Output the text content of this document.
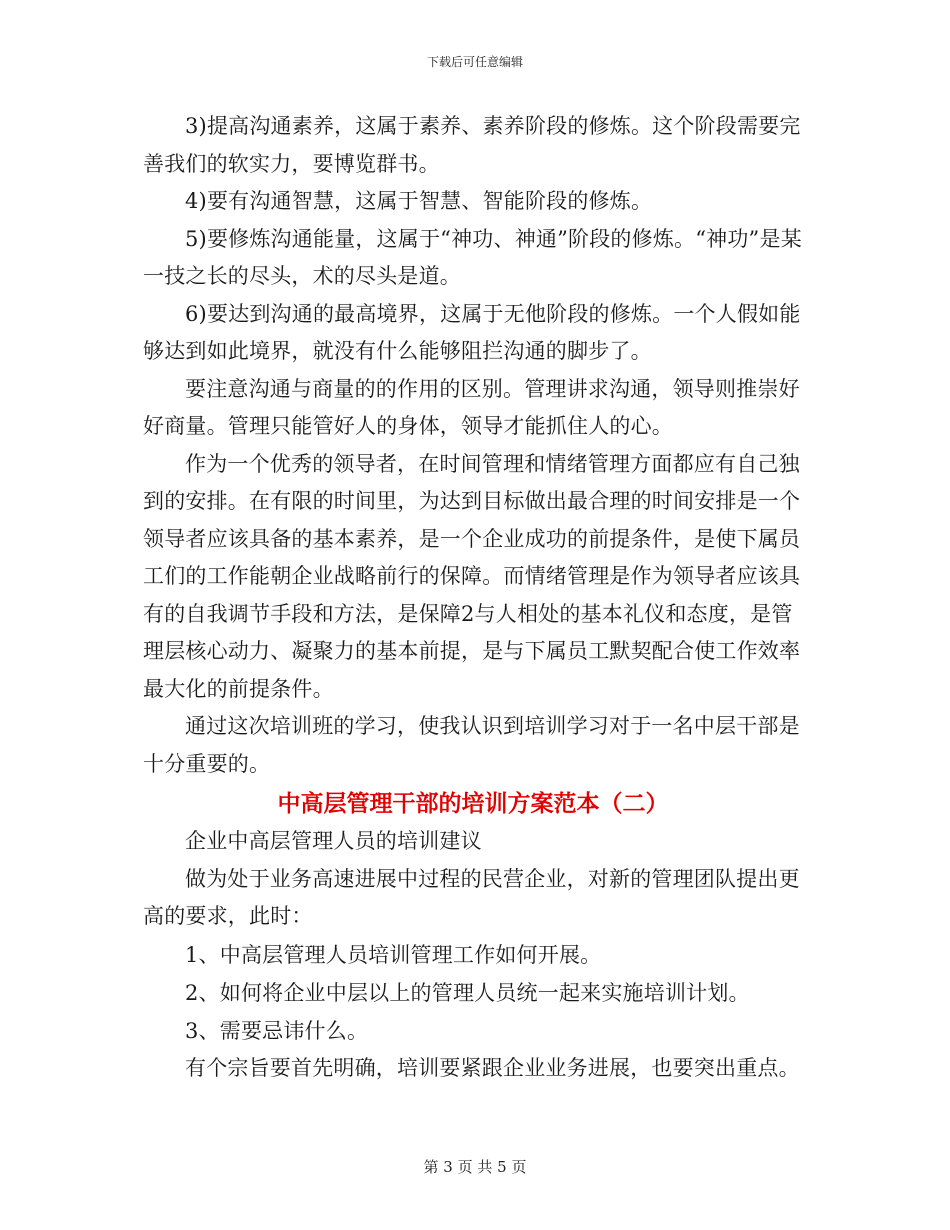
下载后可任意编辑

3)提高沟通素养，这属于素养、素养阶段的修炼。这个阶段需要完善我们的软实力，要博览群书。

4)要有沟通智慧，这属于智慧、智能阶段的修炼。

5)要修炼沟通能量，这属于“神功、神通”阶段的修炼。“神功”是某一技之长的尽头，术的尽头是道。

6)要达到沟通的最高境界，这属于无他阶段的修炼。一个人假如能够达到如此境界，就没有什么能够阻拦沟通的脚步了。

要注意沟通与商量的的作用的区别。管理讲求沟通，领导则推崇好好商量。管理只能管好人的身体，领导才能抓住人的心。

作为一个优秀的领导者，在时间管理和情绪管理方面都应有自己独到的安排。在有限的时间里，为达到目标做出最合理的时间安排是一个领导者应该具备的基本素养，是一个企业成功的前提条件，是使下属员工们的工作能朝企业战略前行的保障。而情绪管理是作为领导者应该具有的自我调节手段和方法，是保障2与人相处的基本礼仪和态度，是管理层核心动力、凝聚力的基本前提，是与下属员工默契配合使工作效率最大化的前提条件。

通过这次培训班的学习，使我认识到培训学习对于一名中层干部是十分重要的。

中高层管理干部的培训方案范本（二）

企业中高层管理人员的培训建议

做为处于业务高速进展中过程的民营企业，对新的管理团队提出更高的要求，此时：

1、中高层管理人员培训管理工作如何开展。

2、如何将企业中层以上的管理人员统一起来实施培训计划。

3、需要忌讳什么。

有个宗旨要首先明确，培训要紧跟企业业务进展，也要突出重点。

第 3 页 共 5 页
